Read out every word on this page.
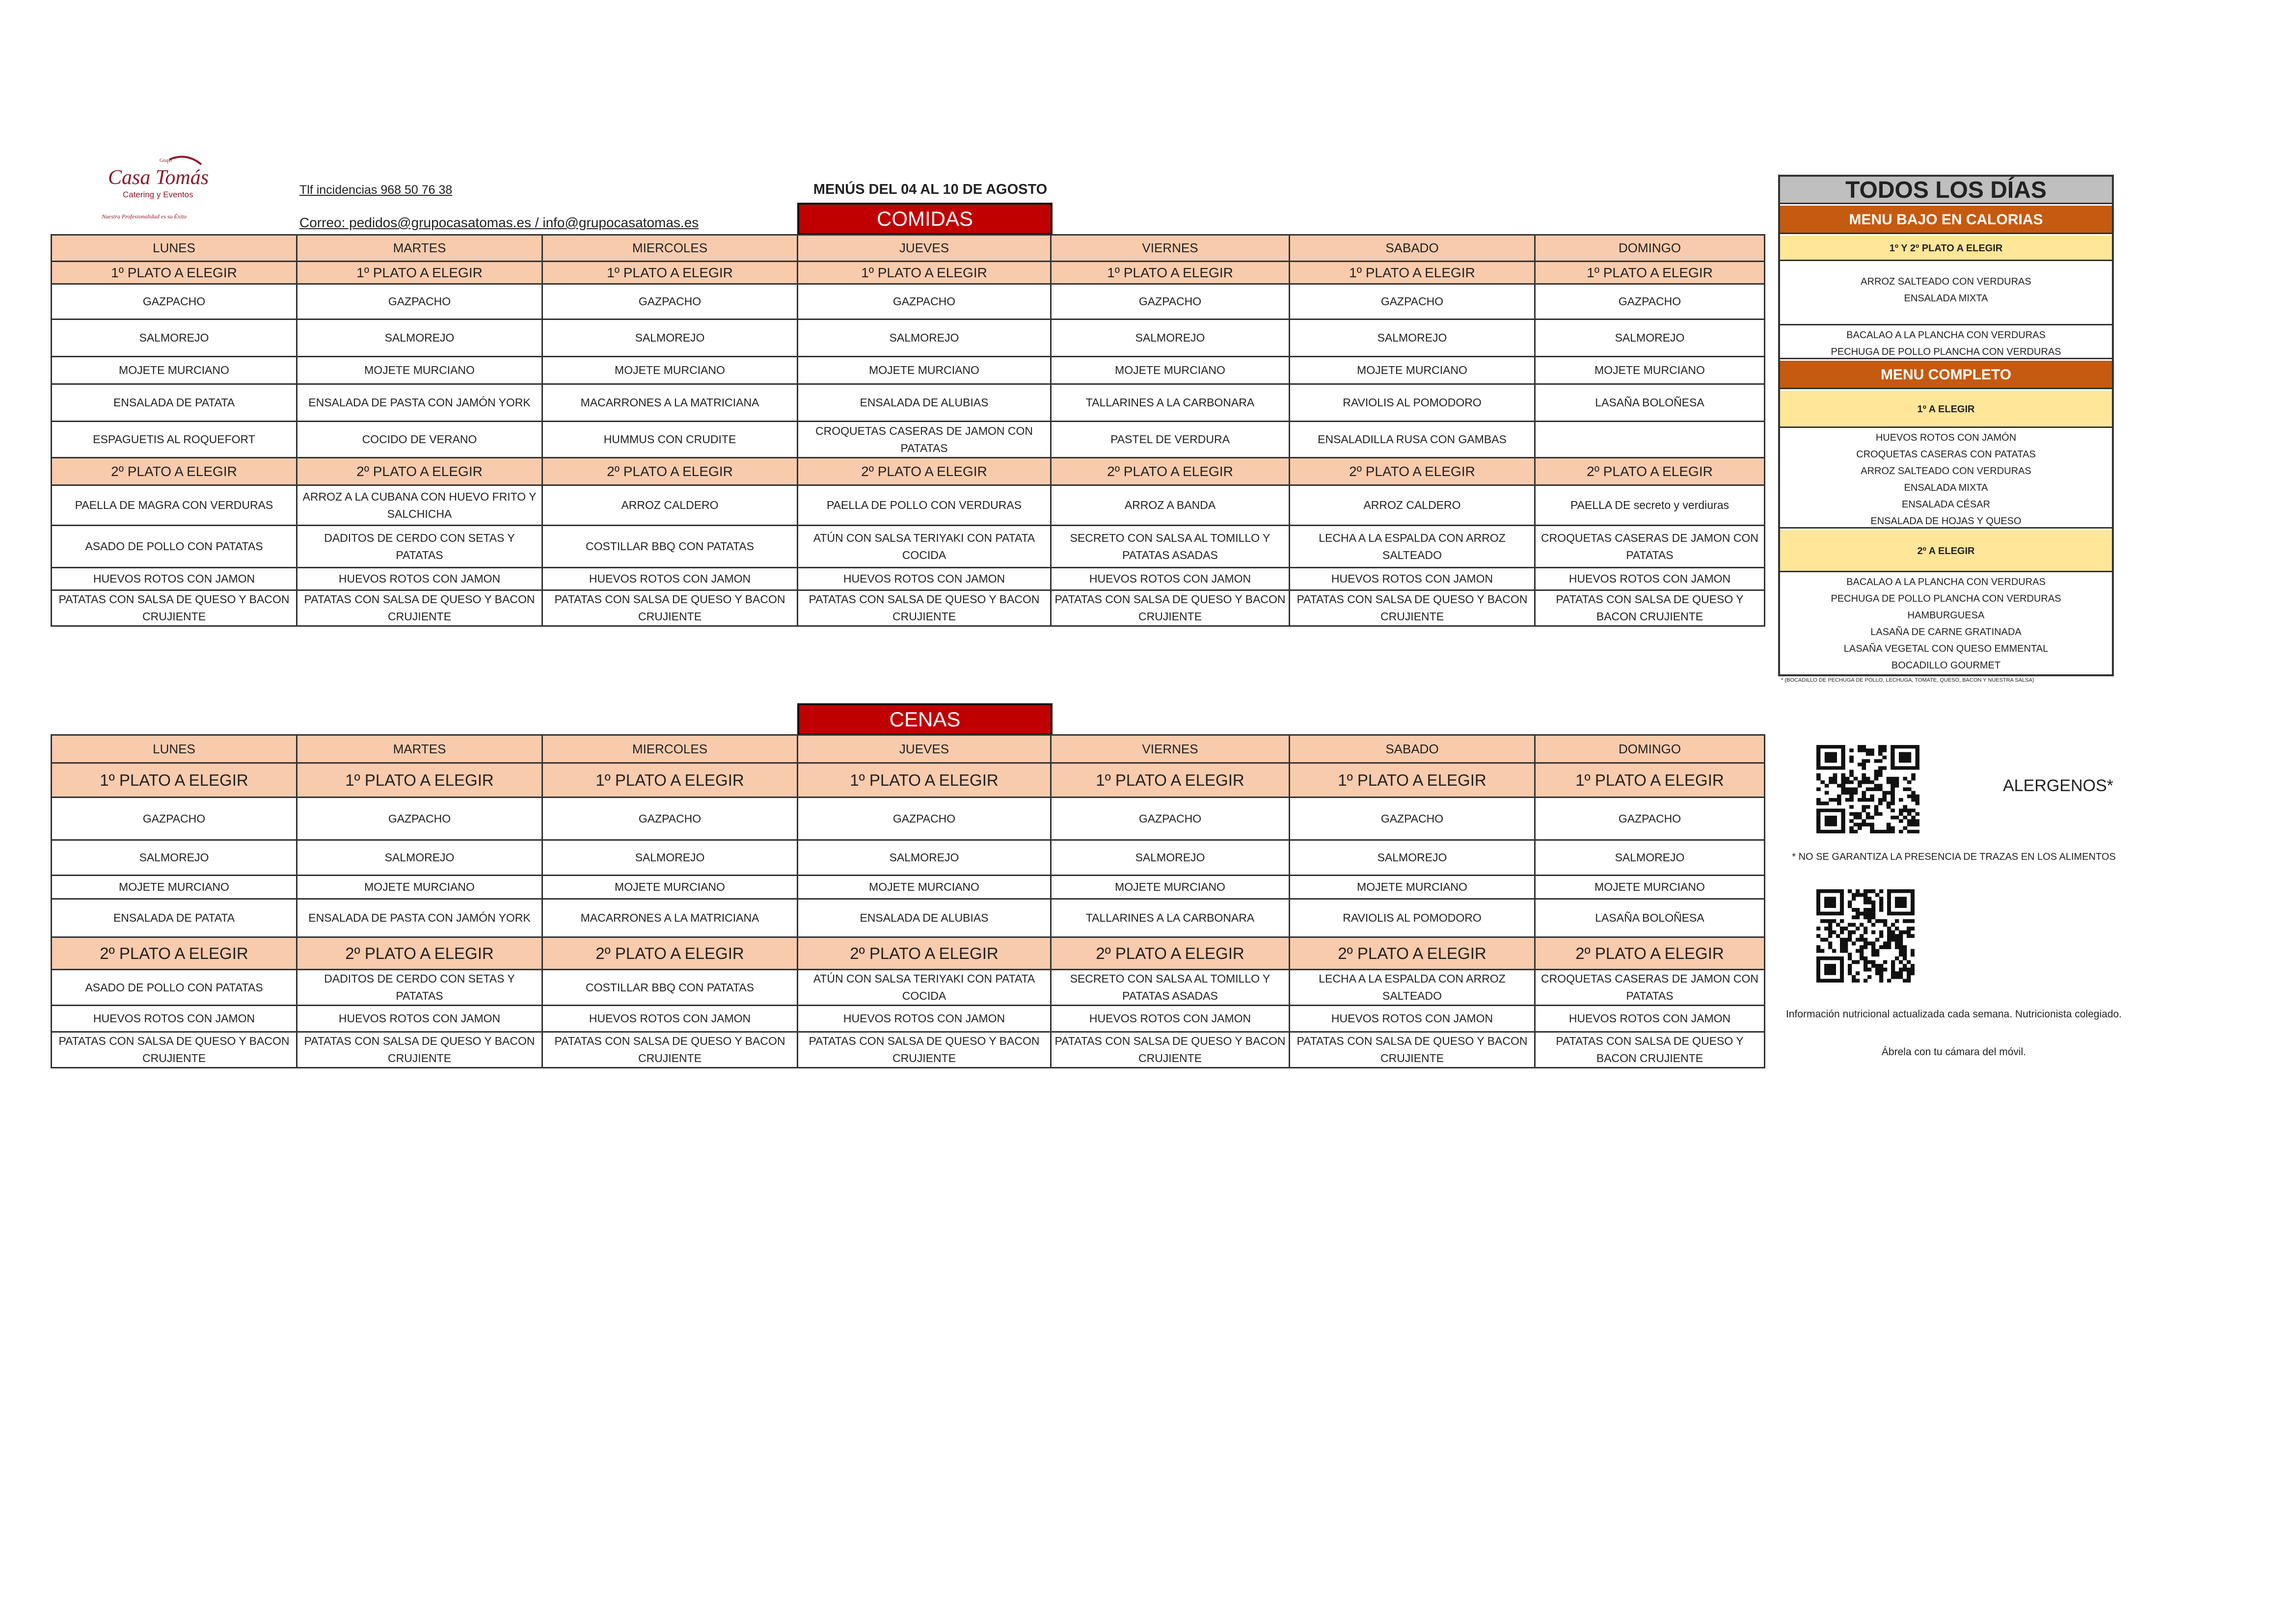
Grupo
Casa Tomás
Catering y Eventos
Nuestra Profesionalidad es su Éxito
Tlf incidencias 968 50 76 38
Correo: pedidos@grupocasatomas.es / info@grupocasatomas.es
MENÚS DEL 04 AL 10 DE AGOSTO
COMIDAS
CENAS
LUNES	MARTES	MIERCOLES	JUEVES	VIERNES	SABADO	DOMINGO
1º PLATO A ELEGIR	1º PLATO A ELEGIR	1º PLATO A ELEGIR	1º PLATO A ELEGIR	1º PLATO A ELEGIR	1º PLATO A ELEGIR	1º PLATO A ELEGIR
GAZPACHO	GAZPACHO	GAZPACHO	GAZPACHO	GAZPACHO	GAZPACHO	GAZPACHO
SALMOREJO	SALMOREJO	SALMOREJO	SALMOREJO	SALMOREJO	SALMOREJO	SALMOREJO
MOJETE MURCIANO	MOJETE MURCIANO	MOJETE MURCIANO	MOJETE MURCIANO	MOJETE MURCIANO	MOJETE MURCIANO	MOJETE MURCIANO
ENSALADA DE PATATA	ENSALADA DE PASTA CON JAMÓN YORK	MACARRONES A LA MATRICIANA	ENSALADA DE ALUBIAS	TALLARINES A LA CARBONARA	RAVIOLIS AL POMODORO	LASAÑA BOLOÑESA
ESPAGUETIS AL ROQUEFORT	COCIDO DE VERANO	HUMMUS CON CRUDITE	CROQUETAS CASERAS DE JAMON CON PATATAS	PASTEL DE VERDURA	ENSALADILLA RUSA CON GAMBAS	
2º PLATO A ELEGIR	2º PLATO A ELEGIR	2º PLATO A ELEGIR	2º PLATO A ELEGIR	2º PLATO A ELEGIR	2º PLATO A ELEGIR	2º PLATO A ELEGIR
PAELLA DE MAGRA CON VERDURAS	ARROZ A LA CUBANA CON HUEVO FRITO Y SALCHICHA	ARROZ CALDERO	PAELLA DE POLLO CON VERDURAS	ARROZ A BANDA	ARROZ CALDERO	PAELLA DE secreto y verdiuras
ASADO DE POLLO CON PATATAS	DADITOS DE CERDO CON SETAS Y PATATAS	COSTILLAR BBQ CON PATATAS	ATÚN CON SALSA TERIYAKI CON PATATA COCIDA	SECRETO CON SALSA AL TOMILLO Y PATATAS ASADAS	LECHA A LA ESPALDA CON ARROZ SALTEADO	CROQUETAS CASERAS DE JAMON CON PATATAS
HUEVOS ROTOS CON JAMON	HUEVOS ROTOS CON JAMON	HUEVOS ROTOS CON JAMON	HUEVOS ROTOS CON JAMON	HUEVOS ROTOS CON JAMON	HUEVOS ROTOS CON JAMON	HUEVOS ROTOS CON JAMON
PATATAS CON SALSA DE QUESO Y BACON CRUJIENTE	PATATAS CON SALSA DE QUESO Y BACON CRUJIENTE	PATATAS CON SALSA DE QUESO Y BACON CRUJIENTE	PATATAS CON SALSA DE QUESO Y BACON CRUJIENTE	PATATAS CON SALSA DE QUESO Y BACON CRUJIENTE	PATATAS CON SALSA DE QUESO Y BACON CRUJIENTE	PATATAS CON SALSA DE QUESO Y BACON CRUJIENTE
LUNES	MARTES	MIERCOLES	JUEVES	VIERNES	SABADO	DOMINGO
1º PLATO A ELEGIR	1º PLATO A ELEGIR	1º PLATO A ELEGIR	1º PLATO A ELEGIR	1º PLATO A ELEGIR	1º PLATO A ELEGIR	1º PLATO A ELEGIR
GAZPACHO	GAZPACHO	GAZPACHO	GAZPACHO	GAZPACHO	GAZPACHO	GAZPACHO
SALMOREJO	SALMOREJO	SALMOREJO	SALMOREJO	SALMOREJO	SALMOREJO	SALMOREJO
MOJETE MURCIANO	MOJETE MURCIANO	MOJETE MURCIANO	MOJETE MURCIANO	MOJETE MURCIANO	MOJETE MURCIANO	MOJETE MURCIANO
ENSALADA DE PATATA	ENSALADA DE PASTA CON JAMÓN YORK	MACARRONES A LA MATRICIANA	ENSALADA DE ALUBIAS	TALLARINES A LA CARBONARA	RAVIOLIS AL POMODORO	LASAÑA BOLOÑESA
2º PLATO A ELEGIR	2º PLATO A ELEGIR	2º PLATO A ELEGIR	2º PLATO A ELEGIR	2º PLATO A ELEGIR	2º PLATO A ELEGIR	2º PLATO A ELEGIR
ASADO DE POLLO CON PATATAS	DADITOS DE CERDO CON SETAS Y PATATAS	COSTILLAR BBQ CON PATATAS	ATÚN CON SALSA TERIYAKI CON PATATA COCIDA	SECRETO CON SALSA AL TOMILLO Y PATATAS ASADAS	LECHA A LA ESPALDA CON ARROZ SALTEADO	CROQUETAS CASERAS DE JAMON CON PATATAS
HUEVOS ROTOS CON JAMON	HUEVOS ROTOS CON JAMON	HUEVOS ROTOS CON JAMON	HUEVOS ROTOS CON JAMON	HUEVOS ROTOS CON JAMON	HUEVOS ROTOS CON JAMON	HUEVOS ROTOS CON JAMON
PATATAS CON SALSA DE QUESO Y BACON CRUJIENTE	PATATAS CON SALSA DE QUESO Y BACON CRUJIENTE	PATATAS CON SALSA DE QUESO Y BACON CRUJIENTE	PATATAS CON SALSA DE QUESO Y BACON CRUJIENTE	PATATAS CON SALSA DE QUESO Y BACON CRUJIENTE	PATATAS CON SALSA DE QUESO Y BACON CRUJIENTE	PATATAS CON SALSA DE QUESO Y BACON CRUJIENTE
TODOS LOS DÍAS
MENU BAJO EN CALORIAS
1º Y 2º PLATO A ELEGIR
ARROZ SALTEADO CON VERDURAS
ENSALADA MIXTA
BACALAO A LA PLANCHA CON VERDURAS
PECHUGA DE POLLO PLANCHA CON VERDURAS
MENU COMPLETO
1º A ELEGIR
HUEVOS ROTOS CON JAMÓN
CROQUETAS CASERAS CON PATATAS
ARROZ SALTEADO CON VERDURAS
ENSALADA MIXTA
ENSALADA CÉSAR
ENSALADA DE HOJAS Y QUESO
2º A ELEGIR
BACALAO A LA PLANCHA CON VERDURAS
PECHUGA DE POLLO PLANCHA CON VERDURAS
HAMBURGUESA
LASAÑA DE CARNE GRATINADA
LASAÑA VEGETAL CON QUESO EMMENTAL
BOCADILLO GOURMET
* (BOCADILLO DE PECHUGA DE POLLO, LECHUGA, TOMATE, QUESO, BACON Y NUESTRA SALSA)
ALERGENOS*
* NO SE GARANTIZA LA PRESENCIA DE TRAZAS EN LOS ALIMENTOS
Información nutricional actualizada cada semana. Nutricionista colegiado.
Ábrela con tu cámara del móvil.
